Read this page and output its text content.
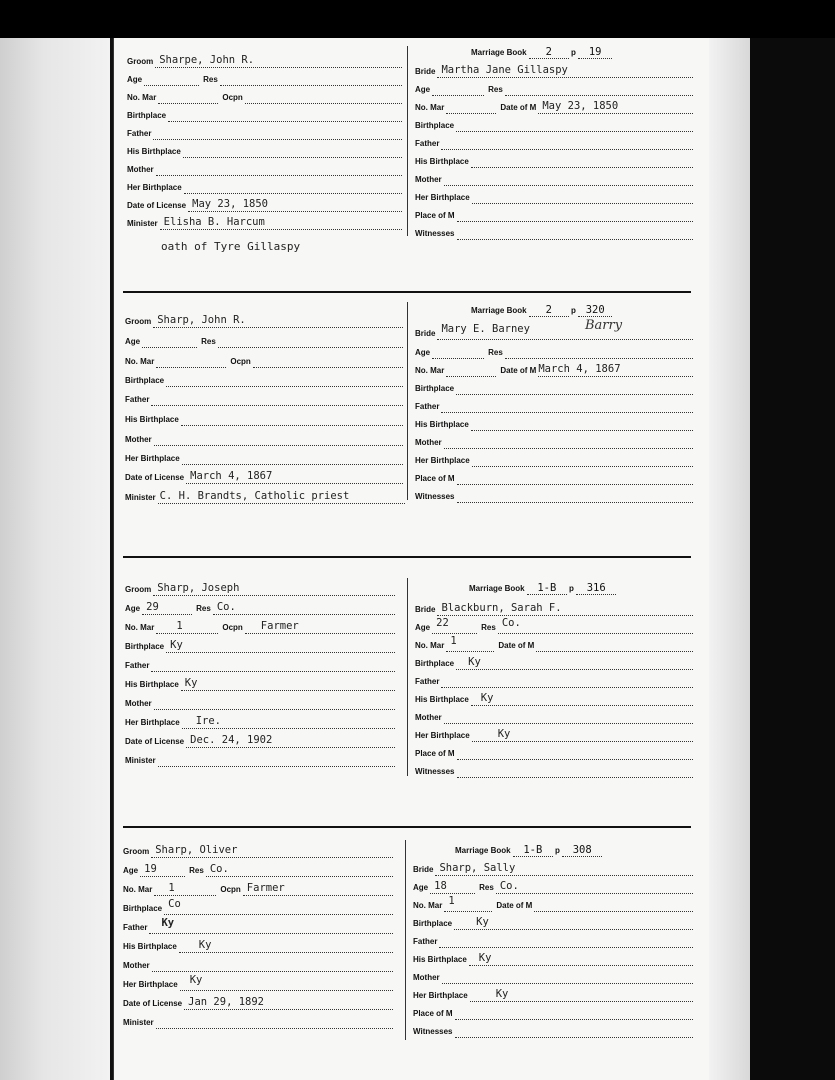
Groom Sharpe, John R.
Age	Res
No. Mar	Ocpn
Birthplace
Father
His Birthplace
Mother
Her Birthplace
Date of License May 23, 1850
Minister Elisha B. Harcum
Marriage Book 2 p 19
Bride Martha Jane Gillaspy
Age	Res
No. Mar	Date of M May 23, 1850
Birthplace
Father
His Birthplace
Mother
Her Birthplace
Place of M
Witnesses
oath of Tyre Gillaspy
Groom Sharp, John R.
Age	Res
No. Mar	Ocpn
Birthplace
Father
His Birthplace
Mother
Her Birthplace
Date of License March 4, 1867
Minister C. H. Brandts, Catholic priest
Marriage Book 2 p 320
Bride Mary E. Barney	Barry
Age	Res
No. Mar	Date of M March 4, 1867
Birthplace
Father
His Birthplace
Mother
Her Birthplace
Place of M
Witnesses
Groom Sharp, Joseph
Age 29	Res Co.
No. Mar 1	Ocpn Farmer
Birthplace Ky
Father
His Birthplace Ky
Mother
Her Birthplace Ire.
Date of License Dec. 24, 1902
Minister
Marriage Book 1-B p 316
Bride Blackburn, Sarah F.
Age 22	Res Co.
No. Mar 1	Date of M
Birthplace Ky
Father
His Birthplace Ky
Mother
Her Birthplace	Ky
Place of M
Witnesses
Groom Sharp, Oliver
Age 19	Res Co.
No. Mar 1	Ocpn Farmer
Birthplace Co
Father Ky
His Birthplace Ky
Mother
Her Birthplace Ky
Date of License Jan 29, 1892
Minister
Marriage Book 1-B p 308
Bride Sharp, Sally
Age 18	Res Co.
No. Mar 1	Date of M
Birthplace Ky
Father
His Birthplace Ky
Mother
Her Birthplace	Ky
Place of M
Witnesses
